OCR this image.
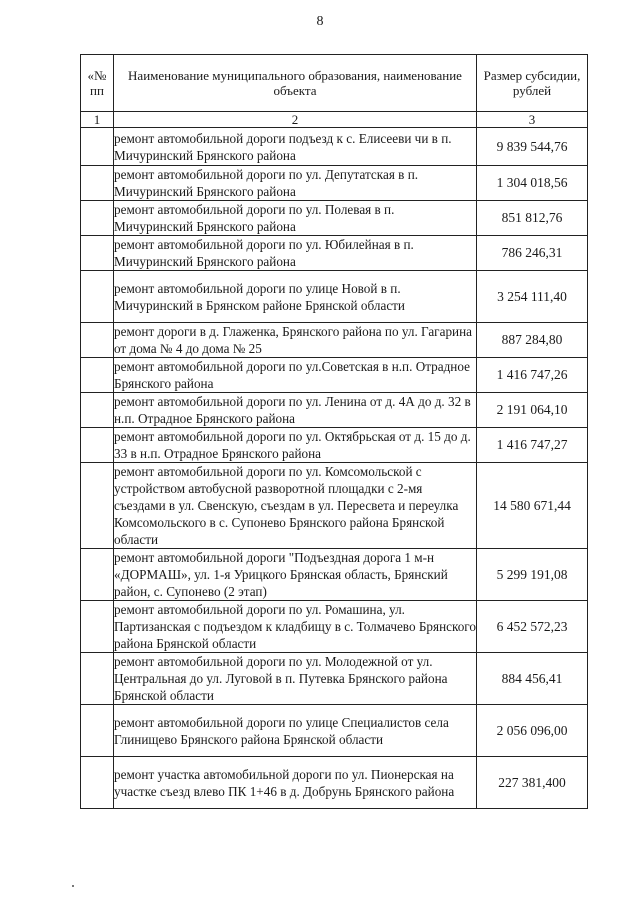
8
«№ пп	Наименование муниципального образования, наименование объекта	Размер субсидии, рублей
1	2	3
	ремонт автомобильной дороги подъезд к с. Елисееви чи в п. Мичуринский Брянского района	9 839 544,76
	ремонт автомобильной дороги по ул. Депутатская в п. Мичуринский Брянского района	1 304 018,56
	ремонт автомобильной дороги по ул. Полевая в п. Мичуринский Брянского района	851 812,76
	ремонт автомобильной дороги по ул. Юбилейная в п. Мичуринский Брянского района	786 246,31
	ремонт автомобильной дороги по улице Новой в п. Мичуринский в Брянском районе Брянской области	3 254 111,40
	ремонт дороги в д. Глаженка, Брянского района по ул. Гагарина от дома № 4 до дома № 25	887 284,80
	ремонт автомобильной дороги по ул.Советская в н.п. Отрадное Брянского района	1 416 747,26
	ремонт автомобильной дороги по ул. Ленина от д. 4А до д. 32 в н.п. Отрадное Брянского района	2 191 064,10
	ремонт автомобильной дороги по ул. Октябрьская от д. 15 до д. 33 в н.п. Отрадное Брянского района	1 416 747,27
	ремонт автомобильной дороги по ул. Комсомольской с устройством автобусной разворотной площадки с 2-мя съездами в ул. Свенскую, съездам в ул. Пересвета и переулка Комсомольского в с. Супонево Брянского района Брянской области	14 580 671,44
	ремонт автомобильной дороги "Подъездная дорога 1 м-н «ДОРМАШ», ул. 1-я Урицкого Брянская область, Брянский район, с. Супонево (2 этап)	5 299 191,08
	ремонт автомобильной дороги по ул. Ромашина, ул. Партизанская с подъездом к кладбищу в с. Толмачево Брянского района Брянской области	6 452 572,23
	ремонт автомобильной дороги по ул. Молодежной от ул. Центральная до ул. Луговой в п. Путевка Брянского района Брянской области	884 456,41
	ремонт автомобильной дороги по улице Специалистов села Глинищево Брянского района Брянской области	2 056 096,00
	ремонт участка автомобильной дороги по ул. Пионерская на участке съезд влево ПК 1+46 в д. Добрунь Брянского района	227 381,400
